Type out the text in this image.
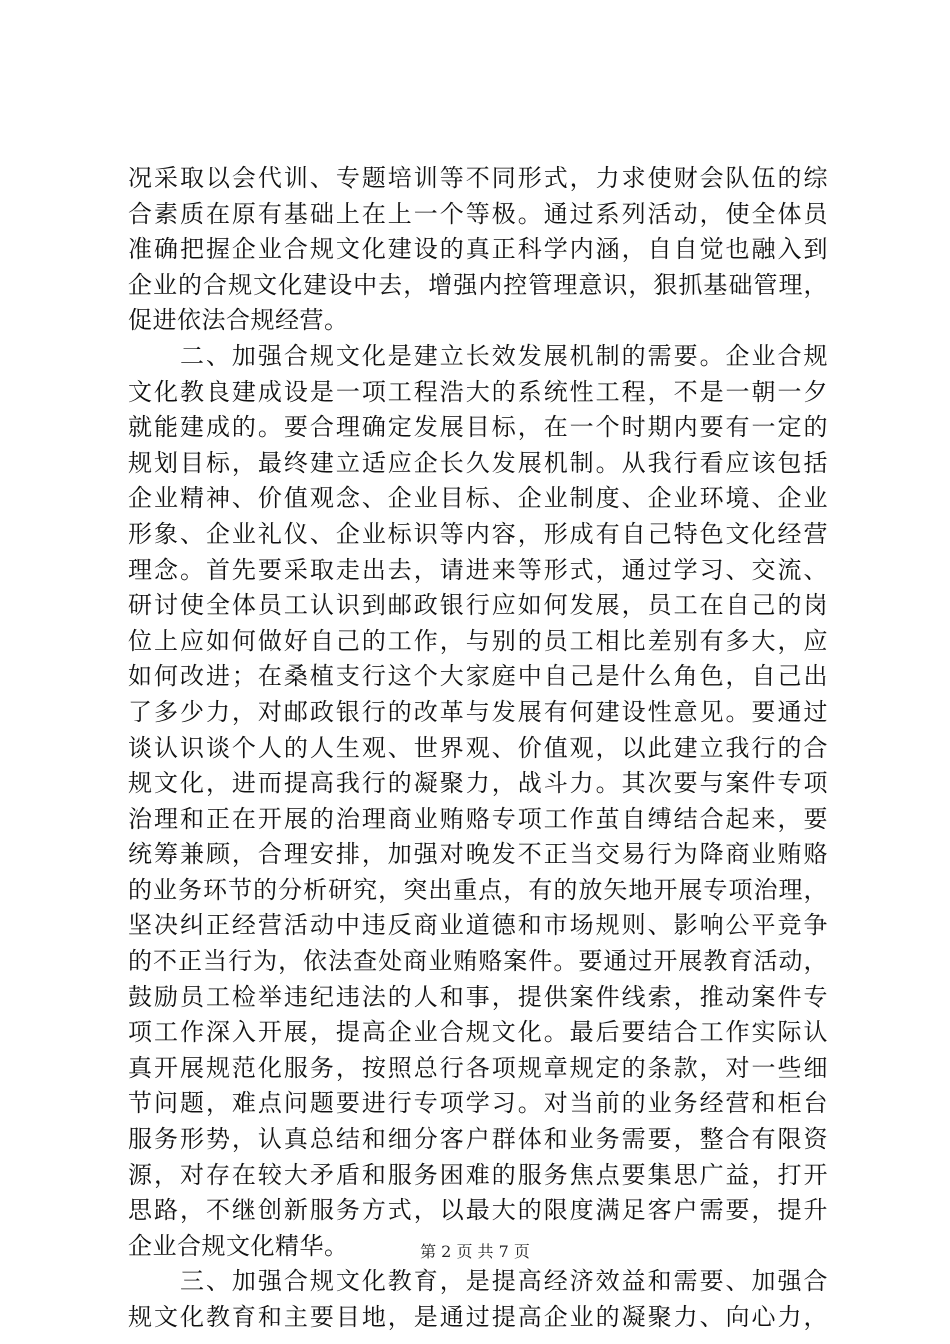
况采取以会代训、专题培训等不同形式，力求使财会队伍的综
合素质在原有基础上在上一个等极。通过系列活动，使全体员
准确把握企业合规文化建设的真正科学内涵，自自觉也融入到
企业的合规文化建设中去，增强内控管理意识，狠抓基础管理，
促进依法合规经营。
　　二、加强合规文化是建立长效发展机制的需要。企业合规
文化教良建成设是一项工程浩大的系统性工程，不是一朝一夕
就能建成的。要合理确定发展目标，在一个时期内要有一定的
规划目标，最终建立适应企长久发展机制。从我行看应该包括
企业精神、价值观念、企业目标、企业制度、企业环境、企业
形象、企业礼仪、企业标识等内容，形成有自己特色文化经营
理念。首先要采取走出去，请进来等形式，通过学习、交流、
研讨使全体员工认识到邮政银行应如何发展，员工在自己的岗
位上应如何做好自己的工作，与别的员工相比差别有多大，应
如何改进；在桑植支行这个大家庭中自己是什么角色，自己出
了多少力，对邮政银行的改革与发展有何建设性意见。要通过
谈认识谈个人的人生观、世界观、价值观，以此建立我行的合
规文化，进而提高我行的凝聚力，战斗力。其次要与案件专项
治理和正在开展的治理商业贿赂专项工作茧自缚结合起来，要
统筹兼顾，合理安排，加强对晚发不正当交易行为降商业贿赂
的业务环节的分析研究，突出重点，有的放矢地开展专项治理，
坚决纠正经营活动中违反商业道德和市场规则、影响公平竞争
的不正当行为，依法查处商业贿赂案件。要通过开展教育活动，
鼓励员工检举违纪违法的人和事，提供案件线索，推动案件专
项工作深入开展，提高企业合规文化。最后要结合工作实际认
真开展规范化服务，按照总行各项规章规定的条款，对一些细
节问题，难点问题要进行专项学习。对当前的业务经营和柜台
服务形势，认真总结和细分客户群体和业务需要，整合有限资
源，对存在较大矛盾和服务困难的服务焦点要集思广益，打开
思路，不继创新服务方式，以最大的限度满足客户需要，提升
企业合规文化精华。
　　三、加强合规文化教育，是提高经济效益和需要、加强合
规文化教育和主要目地，是通过提高企业的凝聚力、向心力，
第 2 页 共 7 页
